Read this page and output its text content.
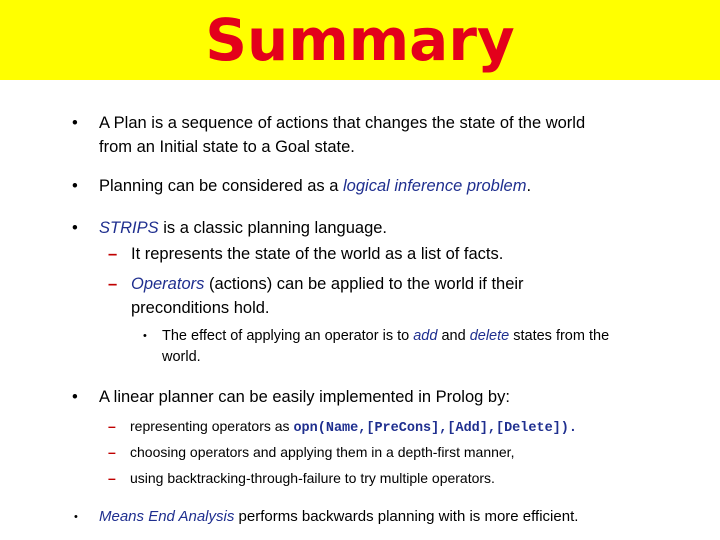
Summary
• A Plan is a sequence of actions that changes the state of the world
from an Initial state to a Goal state.
• Planning can be considered as a logical inference problem.
• STRIPS is a classic planning language.
– It represents the state of the world as a list of facts.
– Operators (actions) can be applied to the world if their
preconditions hold.
• The effect of applying an operator is to add and delete states from the
world.
• A linear planner can be easily implemented in Prolog by:
– representing operators as opn(Name,[PreCons],[Add],[Delete]).
– choosing operators and applying them in a depth-first manner,
– using backtracking-through-failure to try multiple operators.
• Means End Analysis performs backwards planning with is more efficient.
